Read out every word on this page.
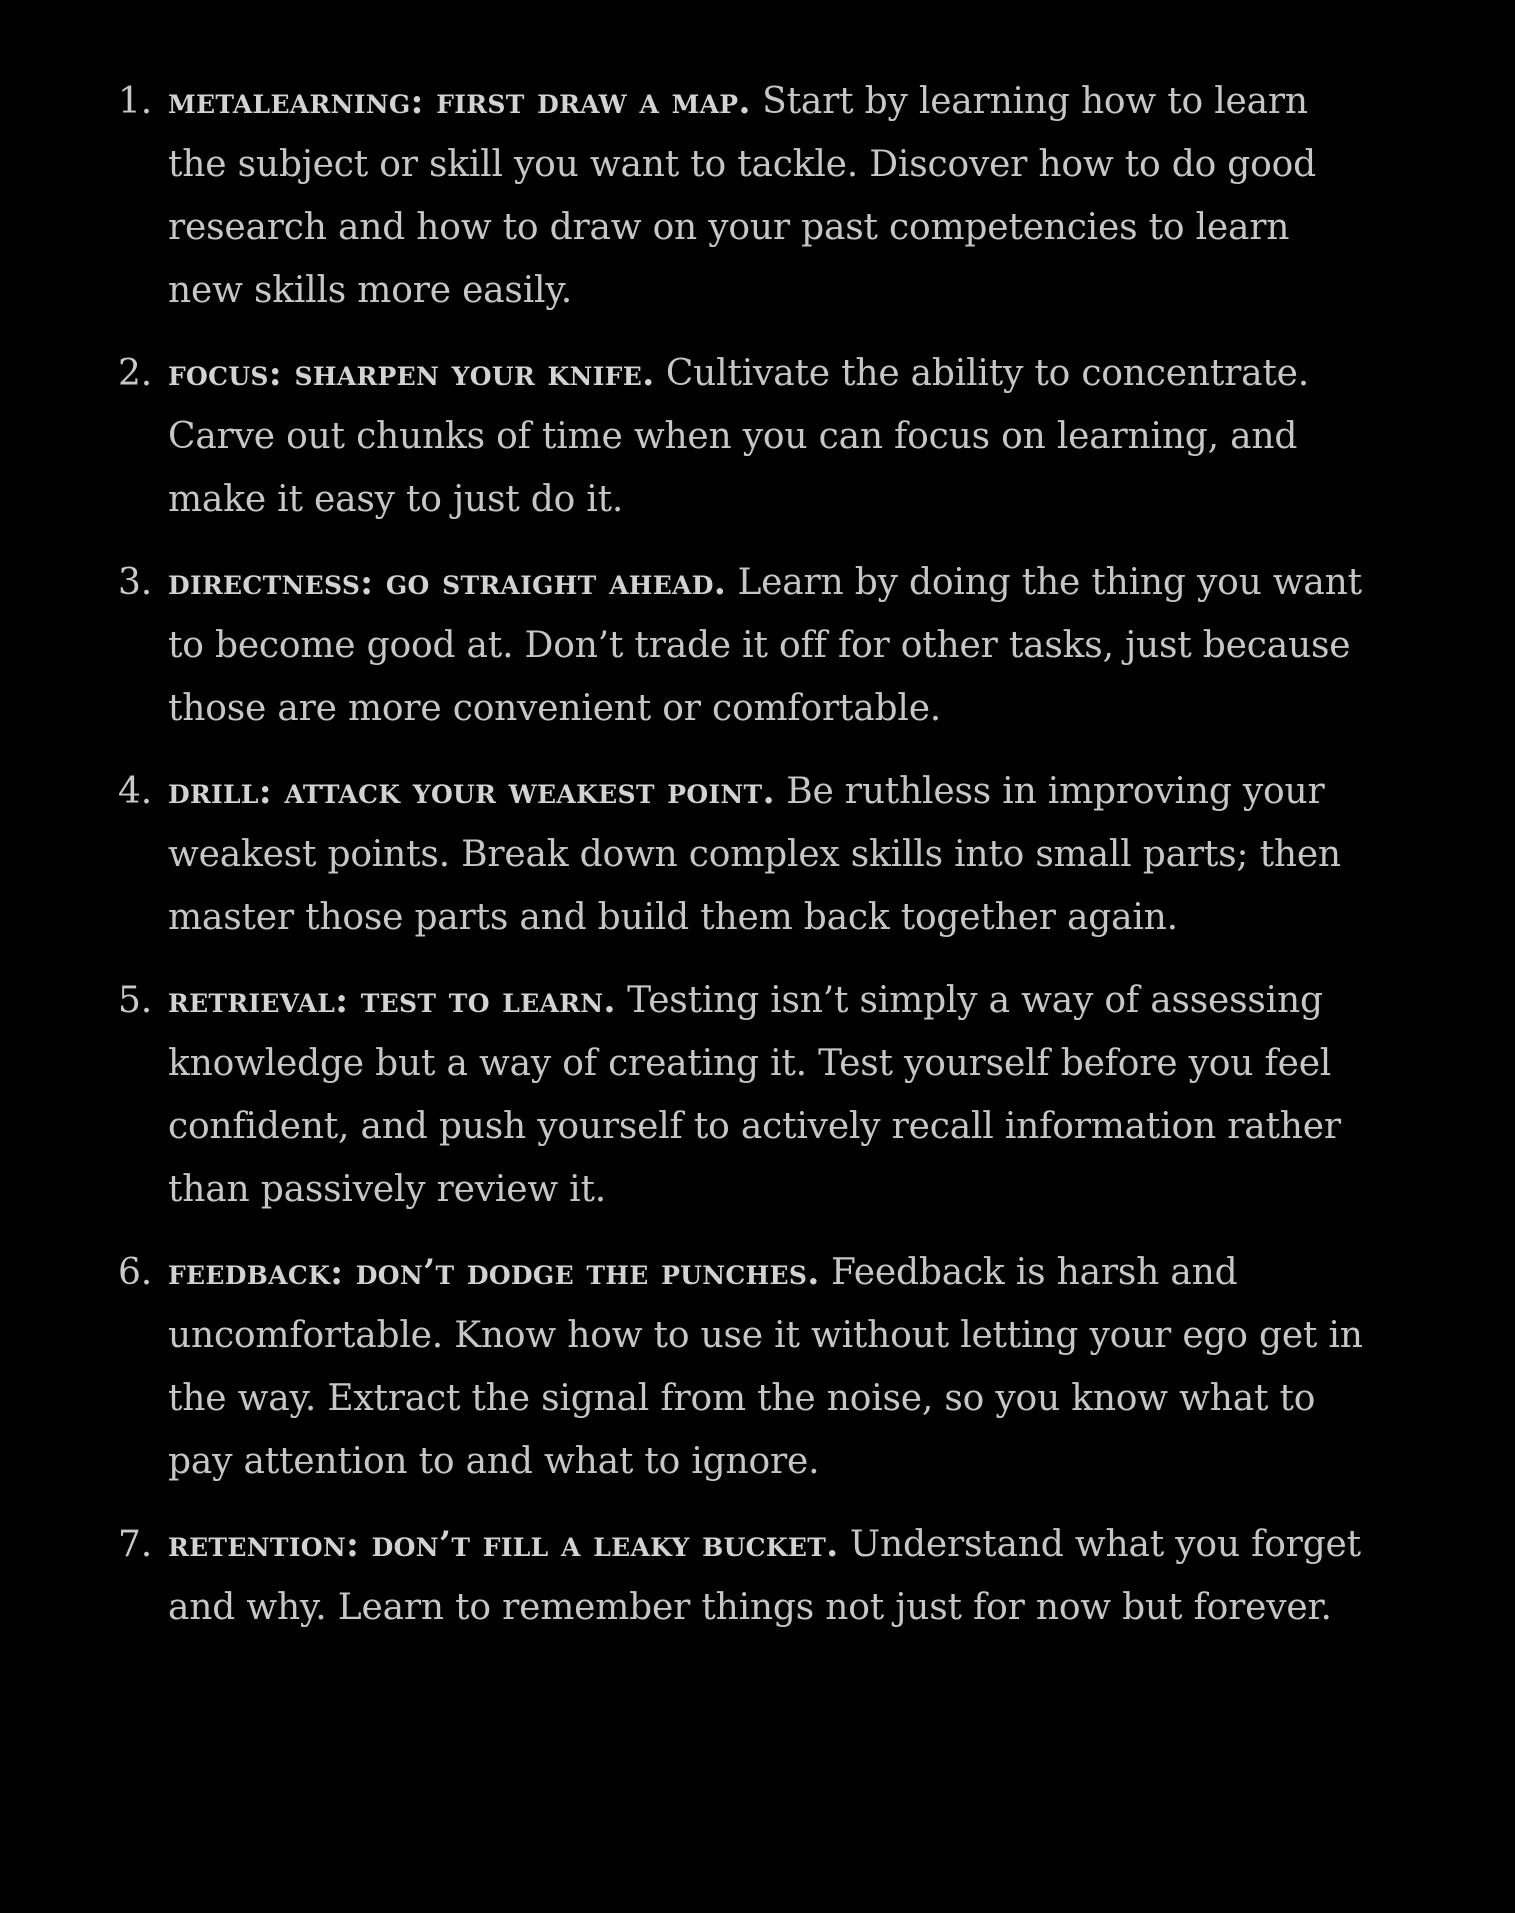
1. metalearning: first draw a map. Start by learning how to learn the subject or skill you want to tackle. Discover how to do good research and how to draw on your past competencies to learn new skills more easily.
2. focus: sharpen your knife. Cultivate the ability to concentrate. Carve out chunks of time when you can focus on learning, and make it easy to just do it.
3. directness: go straight ahead. Learn by doing the thing you want to become good at. Don’t trade it off for other tasks, just because those are more convenient or comfortable.
4. drill: attack your weakest point. Be ruthless in improving your weakest points. Break down complex skills into small parts; then master those parts and build them back together again.
5. retrieval: test to learn. Testing isn’t simply a way of assessing knowledge but a way of creating it. Test yourself before you feel confident, and push yourself to actively recall information rather than passively review it.
6. feedback: don’t dodge the punches. Feedback is harsh and uncomfortable. Know how to use it without letting your ego get in the way. Extract the signal from the noise, so you know what to pay attention to and what to ignore.
7. retention: don’t fill a leaky bucket. Understand what you forget and why. Learn to remember things not just for now but forever.
